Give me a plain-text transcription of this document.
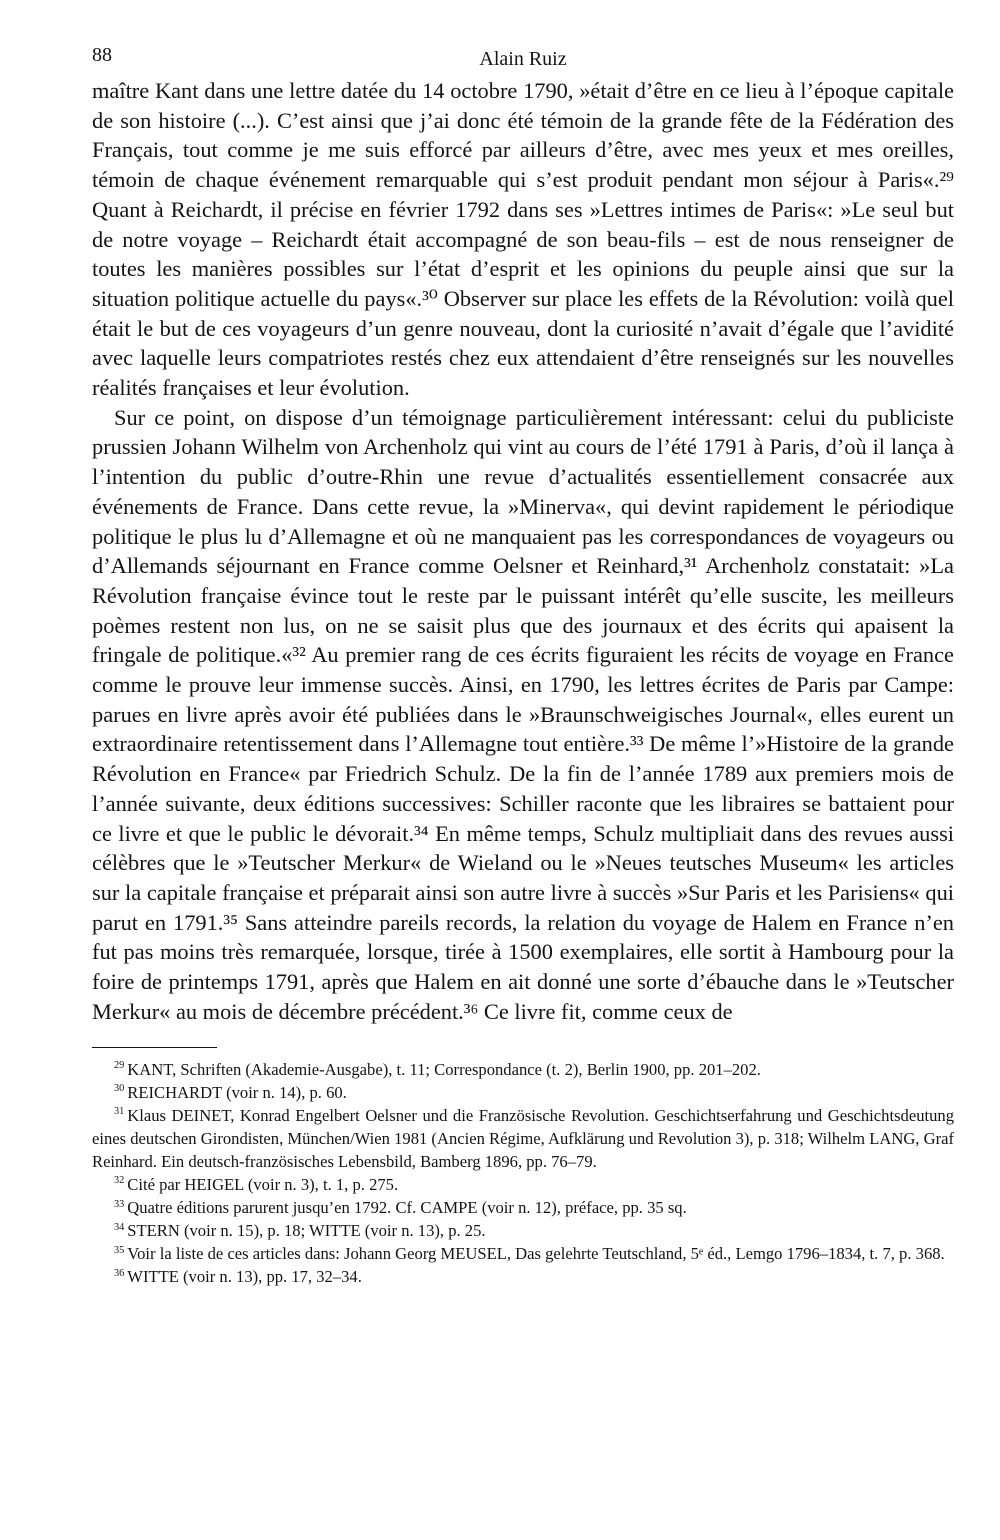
88	Alain Ruiz

maître Kant dans une lettre datée du 14 octobre 1790, »était d’être en ce lieu à l’époque capitale de son histoire (...). C’est ainsi que j’ai donc été témoin de la grande fête de la Fédération des Français, tout comme je me suis efforcé par ailleurs d’être, avec mes yeux et mes oreilles, témoin de chaque événement remarquable qui s’est produit pendant mon séjour à Paris«.²⁹ Quant à Reichardt, il précise en février 1792 dans ses »Lettres intimes de Paris«: »Le seul but de notre voyage – Reichardt était accompagné de son beau-fils – est de nous renseigner de toutes les manières possibles sur l’état d’esprit et les opinions du peuple ainsi que sur la situation politique actuelle du pays«.³⁰ Observer sur place les effets de la Révolution: voilà quel était le but de ces voyageurs d’un genre nouveau, dont la curiosité n’avait d’égale que l’avidité avec laquelle leurs compatriotes restés chez eux attendaient d’être renseignés sur les nouvelles réalités françaises et leur évolution.

Sur ce point, on dispose d’un témoignage particulièrement intéressant: celui du publiciste prussien Johann Wilhelm von Archenholz qui vint au cours de l’été 1791 à Paris, d’où il lança à l’intention du public d’outre-Rhin une revue d’actualités essentiellement consacrée aux événements de France. Dans cette revue, la »Minerva«, qui devint rapidement le périodique politique le plus lu d’Allemagne et où ne manquaient pas les correspondances de voyageurs ou d’Allemands séjournant en France comme Oelsner et Reinhard,³¹ Archenholz constatait: »La Révolution française évince tout le reste par le puissant intérêt qu’elle suscite, les meilleurs poèmes restent non lus, on ne se saisit plus que des journaux et des écrits qui apaisent la fringale de politique.«³² Au premier rang de ces écrits figuraient les récits de voyage en France comme le prouve leur immense succès. Ainsi, en 1790, les lettres écrites de Paris par Campe: parues en livre après avoir été publiées dans le »Braunschweigisches Journal«, elles eurent un extraordinaire retentissement dans l’Allemagne tout entière.³³ De même l’»Histoire de la grande Révolution en France« par Friedrich Schulz. De la fin de l’année 1789 aux premiers mois de l’année suivante, deux éditions successives: Schiller raconte que les libraires se battaient pour ce livre et que le public le dévorait.³⁴ En même temps, Schulz multipliait dans des revues aussi célèbres que le »Teutscher Merkur« de Wieland ou le »Neues teutsches Museum« les articles sur la capitale française et préparait ainsi son autre livre à succès »Sur Paris et les Parisiens« qui parut en 1791.³⁵ Sans atteindre pareils records, la relation du voyage de Halem en France n’en fut pas moins très remarquée, lorsque, tirée à 1500 exemplaires, elle sortit à Hambourg pour la foire de printemps 1791, après que Halem en ait donné une sorte d’ébauche dans le »Teutscher Merkur« au mois de décembre précédent.³⁶ Ce livre fit, comme ceux de

$^{29}$ KANT, Schriften (Akademie-Ausgabe), t. 11; Correspondance (t. 2), Berlin 1900, pp. 201–202.

$^{30}$ REICHARDT (voir n. 14), p. 60.

$^{31}$ Klaus DEINET, Konrad Engelbert Oelsner und die Französische Revolution. Geschichtserfahrung und Geschichtsdeutung eines deutschen Girondisten, München/Wien 1981 (Ancien Régime, Aufklärung und Revolution 3), p. 318; Wilhelm LANG, Graf Reinhard. Ein deutsch-französisches Lebensbild, Bamberg 1896, pp. 76–79.

$^{32}$ Cité par HEIGEL (voir n. 3), t. 1, p. 275.

$^{33}$ Quatre éditions parurent jusqu’en 1792. Cf. CAMPE (voir n. 12), préface, pp. 35 sq.

$^{34}$ STERN (voir n. 15), p. 18; WITTE (voir n. 13), p. 25.

$^{35}$ Voir la liste de ces articles dans: Johann Georg MEUSEL, Das gelehrte Teutschland, 5ᵉ éd., Lemgo 1796–1834, t. 7, p. 368.

$^{36}$ WITTE (voir n. 13), pp. 17, 32–34.
